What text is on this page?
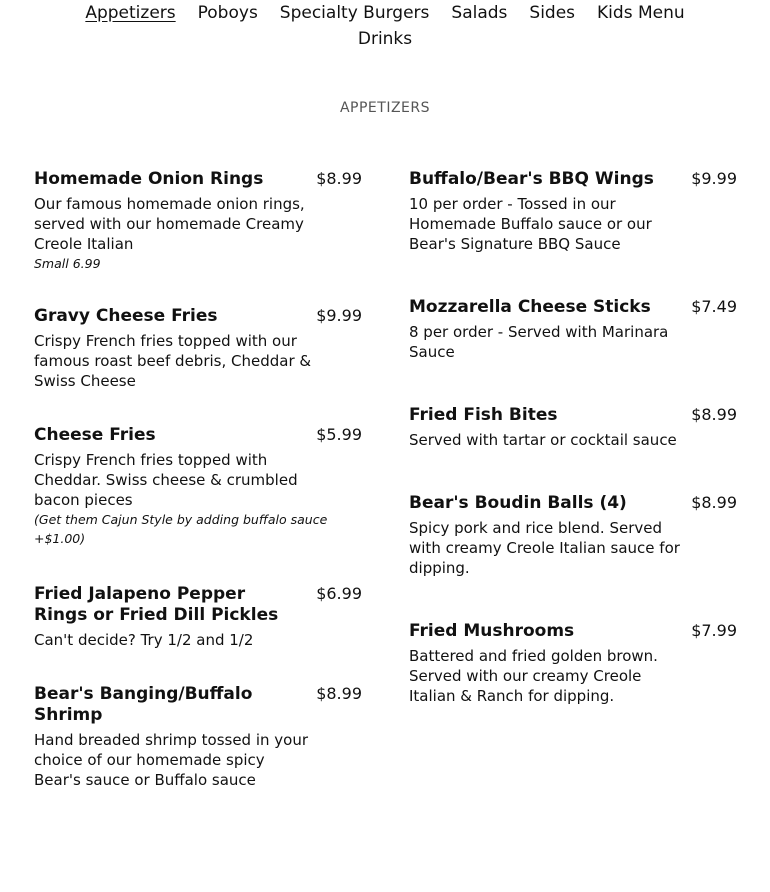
Appetizers Poboys Specialty Burgers Salads Sides Kids Menu
Drinks
APPETIZERS
Homemade Onion Rings	$8.99
Our famous homemade onion rings, served with our homemade Creamy Creole Italian
Small 6.99
Gravy Cheese Fries	$9.99
Crispy French fries topped with our famous roast beef debris, Cheddar & Swiss Cheese
Cheese Fries	$5.99
Crispy French fries topped with Cheddar. Swiss cheese & crumbled bacon pieces
(Get them Cajun Style by adding buffalo sauce +$1.00)
Fried Jalapeno Pepper Rings or Fried Dill Pickles
$6.99
Can't decide? Try 1/2 and 1/2
Bear's Banging/Buffalo Shrimp
$8.99
Hand breaded shrimp tossed in your choice of our homemade spicy Bear's sauce or Buffalo sauce
Buffalo/Bear's BBQ Wings $9.99
10 per order - Tossed in our Homemade Buffalo sauce or our Bear's Signature BBQ Sauce
Mozzarella Cheese Sticks	$7.49
8 per order - Served with Marinara Sauce
Fried Fish Bites	$8.99
Served with tartar or cocktail sauce
Bear's Boudin Balls (4)	$8.99
Spicy pork and rice blend. Served with creamy Creole Italian sauce for dipping.
Fried Mushrooms	$7.99
Battered and fried golden brown. Served with our creamy Creole Italian & Ranch for dipping.
